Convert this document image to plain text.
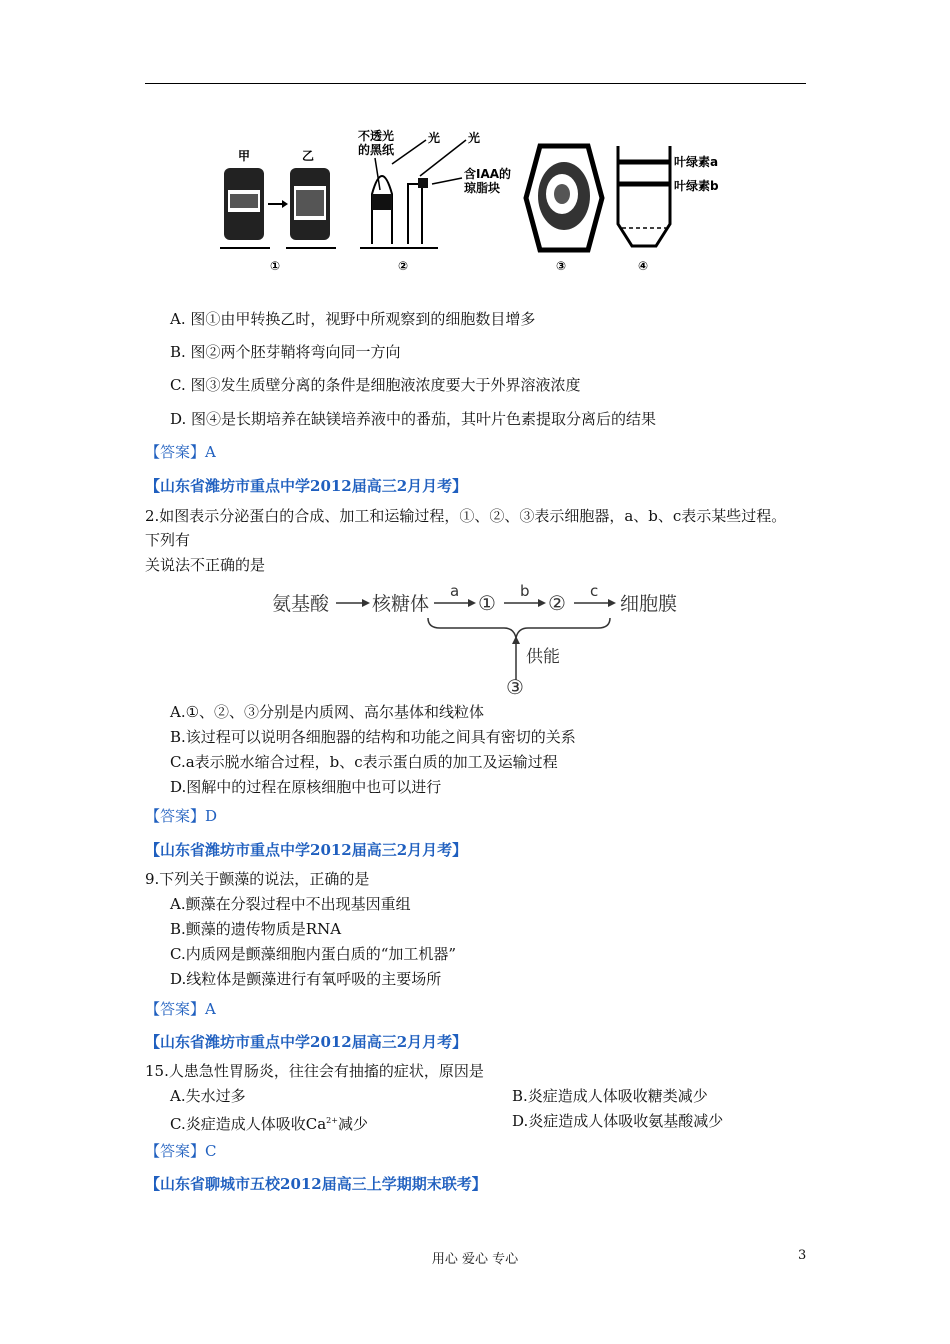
甲	乙
①
不透光
的黑纸
光 光
含IAA的
琼脂块
②	③
叶绿素a
叶绿素b
④
A. 图①由甲转换乙时，视野中所观察到的细胞数目增多
B. 图②两个胚芽鞘将弯向同一方向
C. 图③发生质壁分离的条件是细胞液浓度要大于外界溶液浓度
D. 图④是长期培养在缺镁培养液中的番茄，其叶片色素提取分离后的结果
【答案】A
【山东省潍坊市重点中学2012届高三2月月考】
2.如图表示分泌蛋白的合成、加工和运输过程，①、②、③表示细胞器，a、b、c表示某些过程。
下列有
关说法不正确的是
氨基酸 核糖体
a ① b ② c
细胞膜
供能
③
A.①、②、③分别是内质网、高尔基体和线粒体
B.该过程可以说明各细胞器的结构和功能之间具有密切的关系
C.a表示脱水缩合过程，b、c表示蛋白质的加工及运输过程
D.图解中的过程在原核细胞中也可以进行
【答案】D
【山东省潍坊市重点中学2012届高三2月月考】
9.下列关于颤藻的说法，正确的是
A.颤藻在分裂过程中不出现基因重组
B.颤藻的遗传物质是RNA
C.内质网是颤藻细胞内蛋白质的“加工机器”
D.线粒体是颤藻进行有氧呼吸的主要场所
【答案】A
【山东省潍坊市重点中学2012届高三2月月考】
15.人患急性胃肠炎，往往会有抽搐的症状，原因是
A.失水过多	B.炎症造成人体吸收糖类减少
C.炎症造成人体吸收$Ca^{2+}$减少	D.炎症造成人体吸收氨基酸减少
【答案】C
【山东省聊城市五校2012届高三上学期期末联考】
用心 爱心 专心	3
